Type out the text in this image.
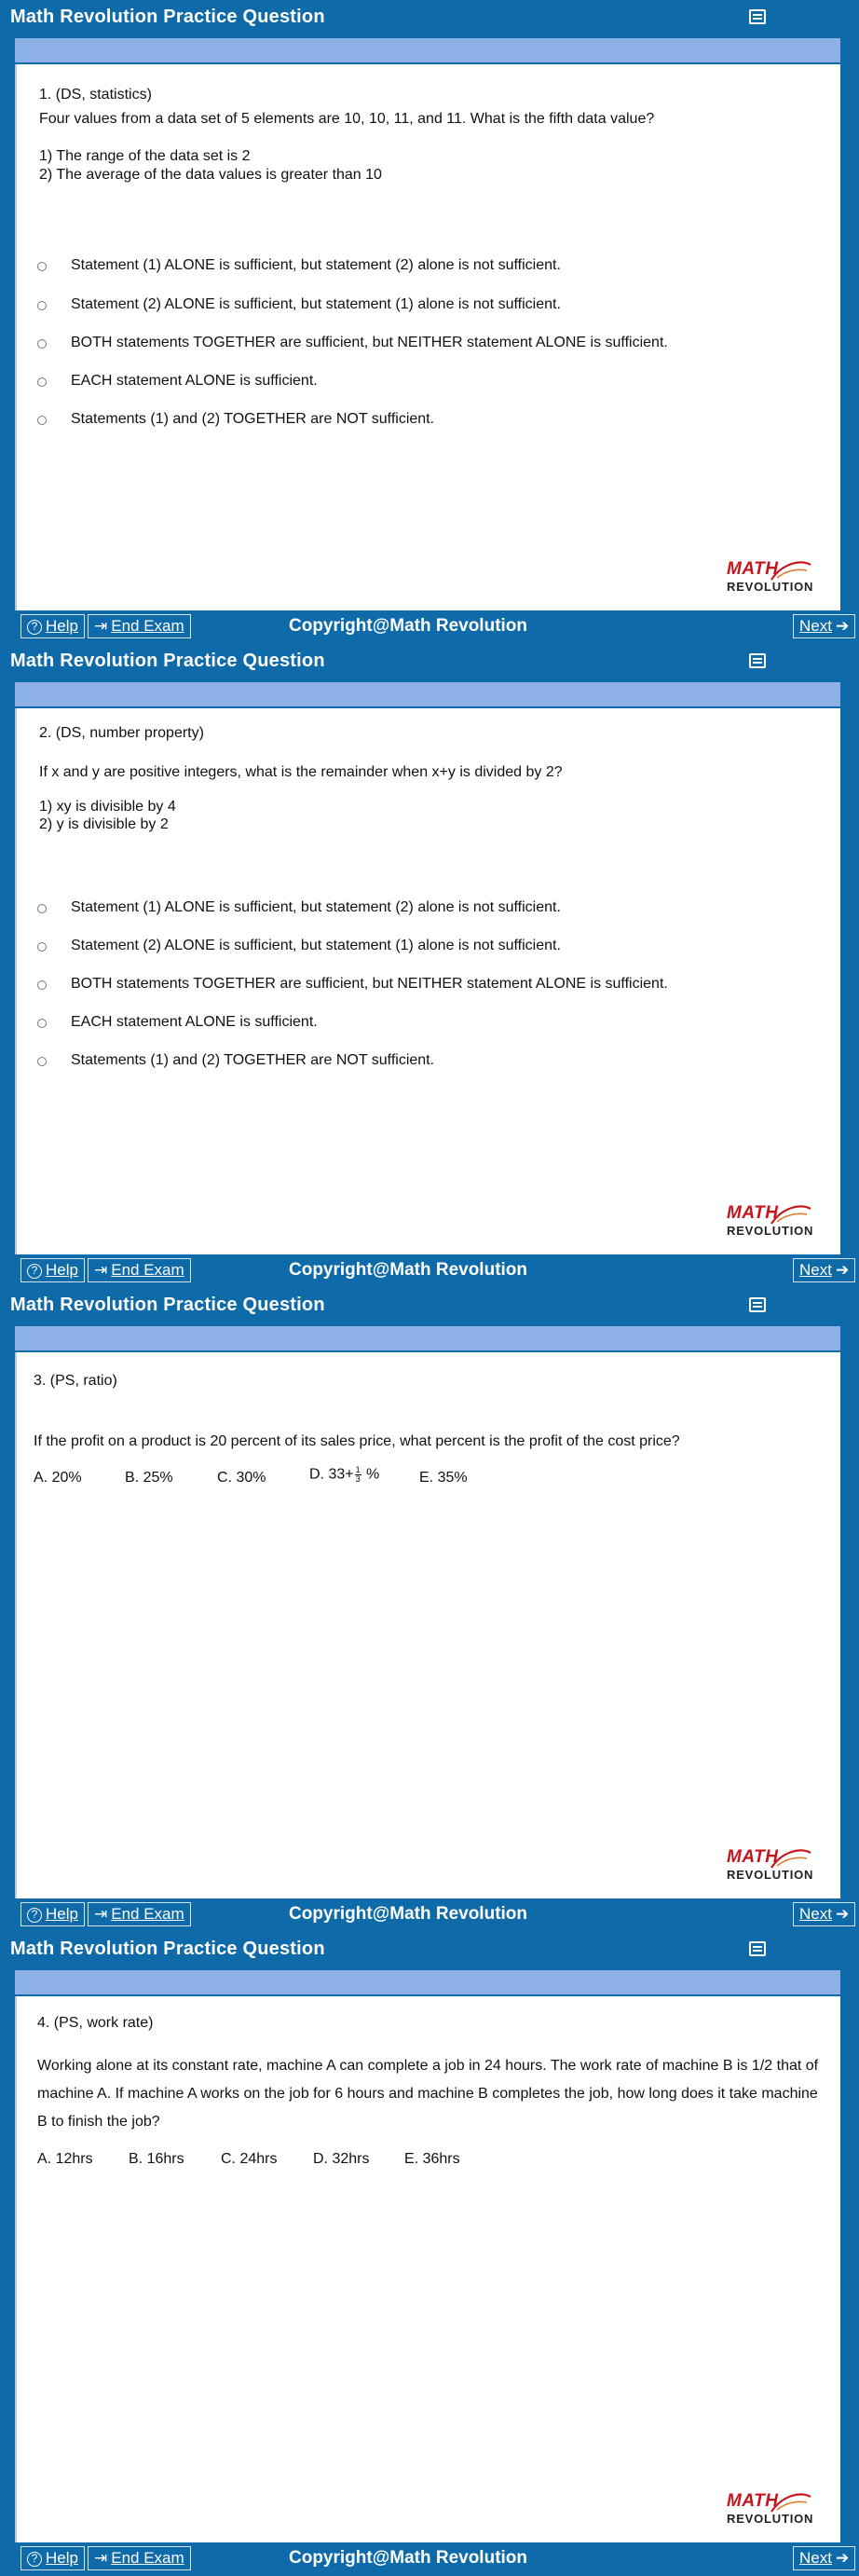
Math Revolution Practice Question
1. (DS, statistics)
Four values from a data set of 5 elements are 10, 10, 11, and 11. What is the fifth data value?
1) The range of the data set is 2
2) The average of the data values is greater than 10
Statement (1) ALONE is sufficient, but statement (2) alone is not sufficient.
Statement (2) ALONE is sufficient, but statement (1) alone is not sufficient.
BOTH statements TOGETHER are sufficient, but NEITHER statement ALONE is sufficient.
EACH statement ALONE is sufficient.
Statements (1) and (2) TOGETHER are NOT sufficient.
MATH
REVOLUTION
? Help	⇥ End Exam	Copyright@Math Revolution	Next ➔
Math Revolution Practice Question
2. (DS, number property)
If x and y are positive integers, what is the remainder when x+y is divided by 2?
1) xy is divisible by 4
2) y is divisible by 2
Statement (1) ALONE is sufficient, but statement (2) alone is not sufficient.
Statement (2) ALONE is sufficient, but statement (1) alone is not sufficient.
BOTH statements TOGETHER are sufficient, but NEITHER statement ALONE is sufficient.
EACH statement ALONE is sufficient.
Statements (1) and (2) TOGETHER are NOT sufficient.
MATH
REVOLUTION
? Help	⇥ End Exam	Copyright@Math Revolution	Next ➔
Math Revolution Practice Question
3. (PS, ratio)
If the profit on a product is 20 percent of its sales price, what percent is the profit of the cost price?
A. 20%	B. 25%	C. 30%	D. $33+ \frac{1}{3}$ %	E. 35%
MATH
REVOLUTION
? Help	⇥ End Exam	Copyright@Math Revolution	Next ➔
Math Revolution Practice Question
4. (PS, work rate)
Working alone at its constant rate, machine A can complete a job in 24 hours. The work rate of machine B is 1/2 that of machine A. If machine A works on the job for 6 hours and machine B completes the job, how long does it take machine B to finish the job?
A. 12hrs B. 16hrs C. 24hrs D. 32hrs E. 36hrs
MATH
REVOLUTION
? Help	⇥ End Exam	Copyright@Math Revolution	Next ➔
